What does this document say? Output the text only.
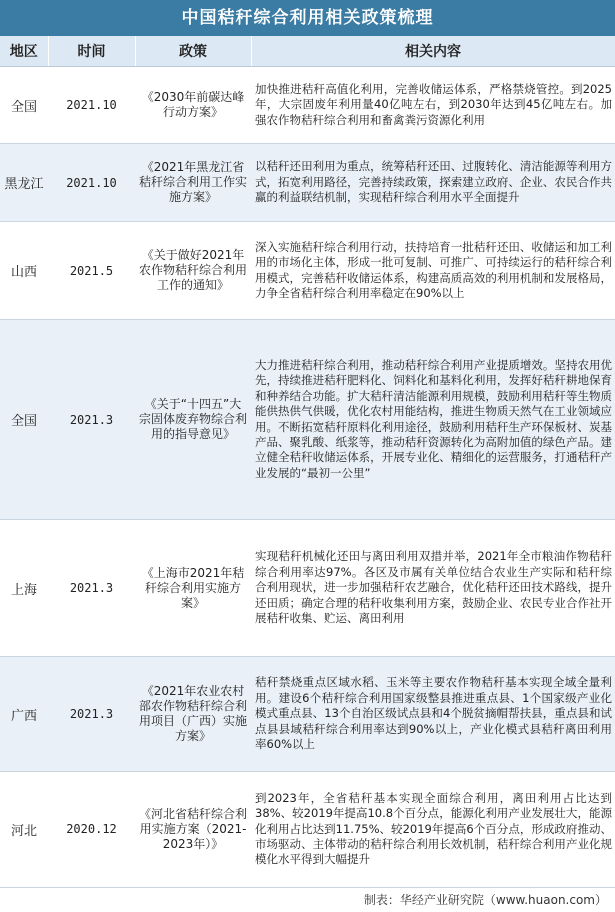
中国秸秆综合利用相关政策梳理
地区	时间	政策	相关内容
全国	2021.10	《2030年前碳达峰行动方案》	加快推进秸秆高值化利用，完善收储运体系，严格禁烧管控。到2025年，大宗固废年利用量40亿吨左右，到2030年达到45亿吨左右。加强农作物秸秆综合利用和畜禽粪污资源化利用
黑龙江	2021.10	《2021年黑龙江省秸秆综合利用工作实施方案》	以秸秆还田利用为重点，统筹秸秆还田、过腹转化、清洁能源等利用方式，拓宽利用路径，完善持续政策，探索建立政府、企业、农民合作共赢的利益联结机制，实现秸秆综合利用水平全面提升
山西	2021.5	《关于做好2021年农作物秸秆综合利用工作的通知》	深入实施秸秆综合利用行动，扶持培育一批秸秆还田、收储运和加工利用的市场化主体，形成一批可复制、可推广、可持续运行的秸秆综合利用模式，完善秸秆收储运体系，构建高质高效的利用机制和发展格局，力争全省秸秆综合利用率稳定在90%以上
全国	2021.3	《关于“十四五”大宗固体废弃物综合利用的指导意见》	大力推进秸秆综合利用，推动秸秆综合利用产业提质增效。坚持农用优先，持续推进秸秆肥料化、饲料化和基料化利用，发挥好秸秆耕地保育和种养结合功能。扩大秸秆清洁能源利用规模，鼓励利用秸秆等生物质能供热供气供暖，优化农村用能结构，推进生物质天然气在工业领域应用。不断拓宽秸秆原料化利用途径，鼓励利用秸秆生产环保板材、炭基产品、聚乳酸、纸浆等，推动秸秆资源转化为高附加值的绿色产品。建立健全秸秆收储运体系，开展专业化、精细化的运营服务，打通秸秆产业发展的“最初一公里”
上海	2021.3	《上海市2021年秸秆综合利用实施方案》	实现秸秆机械化还田与离田利用双措并举，2021年全市粮油作物秸秆综合利用率达97%。各区及市属有关单位结合农业生产实际和秸秆综合利用现状，进一步加强秸秆农艺融合，优化秸秆还田技术路线，提升还田质；确定合理的秸秆收集利用方案，鼓励企业、农民专业合作社开展秸秆收集、贮运、离田利用
广西	2021.3	《2021年农业农村部农作物秸秆综合利用项目（广西）实施方案》	秸秆禁烧重点区域水稻、玉米等主要农作物秸秆基本实现全域全量利用。建设6个秸秆综合利用国家级整县推进重点县、1个国家级产业化模式重点县、13个自治区级试点县和4个脱贫摘帽帮扶县，重点县和试点县县域秸秆综合利用率达到90%以上，产业化模式县秸秆离田利用率60%以上
河北	2020.12	《河北省秸秆综合利用实施方案（2021-2023年）》	到2023年，全省秸秆基本实现全面综合利用，离田利用占比达到38%、较2019年提高10.8个百分点，能源化利用产业发展壮大，能源化利用占比达到11.75%、较2019年提高6个百分点，形成政府推动、市场驱动、主体带动的秸秆综合利用长效机制，秸秆综合利用产业化规模化水平得到大幅提升
制表：华经产业研究院（www.huaon.com）
